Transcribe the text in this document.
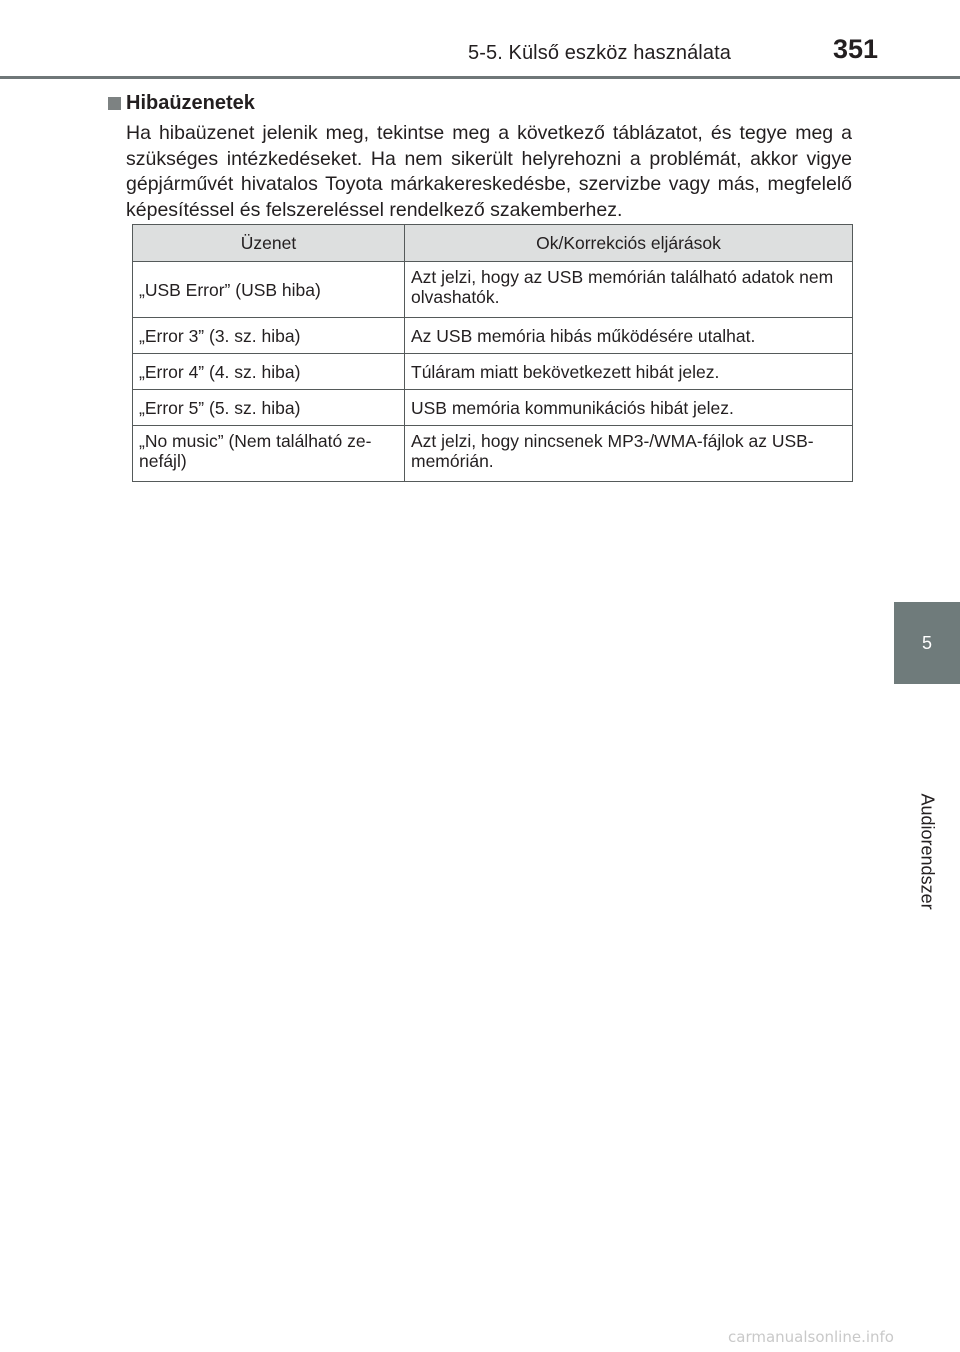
5-5. Külső eszköz használata	351
5
Audiorendszer
Hibaüzenetek

Ha hibaüzenet jelenik meg, tekintse meg a következő táblázatot, és tegye meg a szükséges intézkedéseket. Ha nem sikerült helyrehozni a problémát, akkor vigye gépjárművét hivatalos Toyota márkakereskedésbe, szervizbe vagy más, megfelelő képesítéssel és felszereléssel rendelkező szakemberhez.

Üzenet	Ok/Korrekciós eljárások
„USB Error” (USB hiba)	Azt jelzi, hogy az USB memórián található adatok nem olvashatók.
„Error 3” (3. sz. hiba)	Az USB memória hibás működésére utalhat.
„Error 4” (4. sz. hiba)	Túláram miatt bekövetkezett hibát jelez.
„Error 5” (5. sz. hiba)	USB memória kommunikációs hibát jelez.
„No music” (Nem található ze-nefájl)	Azt jelzi, hogy nincsenek MP3-/WMA-fájlok az USB-memórián.
carmanualsonline.info
